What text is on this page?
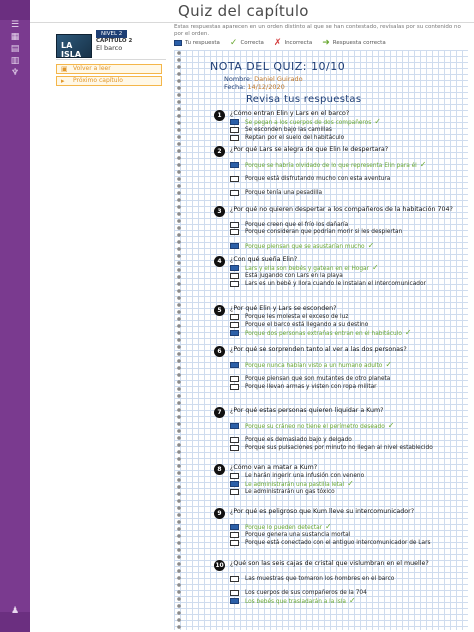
☰
▦
▤
▥
♆
♟
Quiz del capítulo
Estas respuestas aparecen en un orden distinto al que se han contestado, revísalas por su contenido no por el orden.
Tu respuesta ✓ Correcta ✗ Incorrecta ➜ Respuesta correcta
LA ISLA
NIVEL 2
CAPÍTULO 2
El barco
▣ Volver a leer
▸ Próximo capítulo
NOTA DEL QUIZ: 10/10
Nombre: Daniel Guirado
Fecha: 14/12/2020
Revisa tus respuestas
1	¿Cómo entran Elin y Lars en el barco?
Se pegan a los cuerpos de dos compañeros ✓
Se esconden bajo las camillas
Reptan por el suelo del habitáculo
2	¿Por qué Lars se alegra de que Elin le despertara?
Porque se habría olvidado de lo que representa Elin para él ✓
Porque está disfrutando mucho con esta aventura
Porque tenía una pesadilla
3	¿Por qué no quieren despertar a los compañeros de la habitación 704?
Porque creen que el frío los dañaría
Porque consideran que podrían morir si les despiertan
Porque piensan que se asustarían mucho ✓
4	¿Con qué sueña Elin?
Lars y ella son bebés y gatean en el Hogar ✓
Está jugando con Lars en la playa
Lars es un bebé y llora cuando le instalan el intercomunicador
5	¿Por qué Elin y Lars se esconden?
Porque les molesta el exceso de luz
Porque el barco está llegando a su destino
Porque dos personas extrañas entran en el habitáculo ✓
6	¿Por qué se sorprenden tanto al ver a las dos personas?
Porque nunca habían visto a un humano adulto ✓
Porque piensan que son mutantes de otro planeta
Porque llevan armas y visten con ropa militar
7	¿Por qué estas personas quieren liquidar a Kum?
Porque su cráneo no tiene el perímetro deseado ✓
Porque es demasiado bajo y delgado
Porque sus pulsaciones por minuto no llegan al nivel establecido
8	¿Cómo van a matar a Kum?
Le harán ingerir una infusión con veneno
Le administrarán una pastilla letal ✓
Le administrarán un gas tóxico
9	¿Por qué es peligroso que Kum lleve su intercomunicador?
Porque lo pueden detectar ✓
Porque genera una sustancia mortal
Porque está conectado con el antiguo intercomunicador de Lars
10 ¿Qué son las seis cajas de cristal que vislumbran en el muelle?
Las muestras que tomaron los hombres en el barco
Los cuerpos de sus compañeros de la 704
Los bebés que trasladarán a la isla ✓
